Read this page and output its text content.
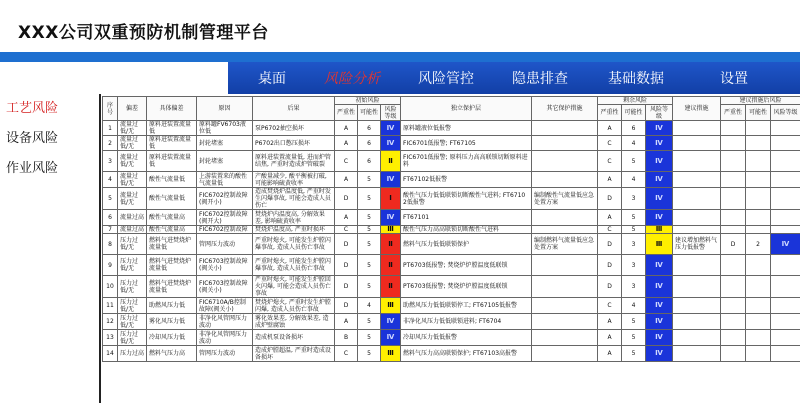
XXX公司双重预防机制管理平台
桌面	风险分析	风险管控	隐患排查	基础数据	设置
工艺风险
设备风险
作业风险
序号	偏差	具体偏差	原因	后果	初始风险			独立保护层	其它保护措施	剩余风险			建议措施	建议措施后风险		
					严重性	可能性	风险等级			严重性	可能性	风险等级		严重性	可能性	风险等级
1	流量过低/无	原料进装置流量低	原料罐FV6703液位低	泵P6702抽空损坏	A	6	Ⅳ	原料罐液位低报警		A	6	Ⅳ				
2	流量过低/无	原料进装置流量低	封轮堵塞	P6702出口憋压损坏	A	6	Ⅳ	FIC6701低报警; FT67105		C	4	Ⅳ				
3	流量过低/无	原料进装置流量低	封轮堵塞	原料进装置流量低, 进而炉管结焦, 严重时造成炉管破裂	C	6	Ⅱ	FIC6701低报警; 原料压力高高联锁切断原料进料		C	5	Ⅳ				
4	流量过低/无	酸性气流量低	上游装置来的酸性气流量低	产酸量减少, 酸平衡被打破, 可能影响硫黄收率	A	5	Ⅳ	FT67102低报警		A	4	Ⅳ				
5	流量过低/无	酸性气流量低	FIC6702控制故障(阀开小)	造成焚烧炉温度低, 严重时发生闪爆事故, 可能会造成人员伤亡	D	5	Ⅰ	酸性气压力低低联锁切断酸性气进料; FT67102低报警	编制酸性气流量低应急处置方案	D	3	Ⅳ				
6	流量过高	酸性气流量高	FIC6702控制故障(阀开大)	焚烧炉内温度高, 分解效果差, 影响硫黄收率	A	5	Ⅳ	FT67101		A	5	Ⅳ				
7	流量过高	酸性气流量高	FIC6702控制故障	焚烧炉温度高, 严重时损坏	C	5	Ⅲ	酸性气压力高高联锁切断酸性气进料		C	5	Ⅲ				
8	压力过低/无	燃料气进焚烧炉流量低	管网压力波动	严重时熄火, 可能发生炉膛闪爆事故, 造成人员伤亡事故	D	5	Ⅱ	燃料气压力低低联锁保护	编制燃料气流量低应急处置方案	D	3	Ⅲ	建议增加燃料气压力低报警	D	2	Ⅳ
9	压力过低/无	燃料气进焚烧炉流量低	FIC6703控制故障(阀关小)	严重时熄火, 可能发生炉膛闪爆事故, 造成人员伤亡事故	D	5	Ⅱ	PT6703低报警; 焚烧炉炉膛温度低联锁		D	3	Ⅳ				
10	压力过低/无	燃料气进焚烧炉流量低	FIC6703控制故障(阀关小)	严重时熄火, 可能发生炉膛回火闪爆, 可能会造成人员伤亡事故	D	5	Ⅱ	PT6703低报警; 焚烧炉炉膛温度低联锁		D	3	Ⅳ				
11	压力过低/无	助燃风压力低	FIC6710A/B控制故障(阀关小)	焚烧炉熄火, 严重时发生炉膛闪爆, 造成人员伤亡事故	D	4	Ⅲ	助燃风压力低低联锁停工; FT67105低报警		C	4	Ⅳ				
12	压力过低/无	雾化风压力低	非净化风管网压力波动	雾化效果差, 分解效果差, 造成炉壁腐蚀	A	5	Ⅳ	非净化风压力低低联锁进料; FT6704		A	5	Ⅳ				
13	压力过低/无	冷却风压力低	非净化风管网压力波动	造成机泵设备损坏	B	5	Ⅳ	冷却风压力低低报警		A	5	Ⅳ				
14	压力过高	燃料气压力高	管网压力波动	造成炉膛超温, 严重时造成设备损坏	C	5	Ⅲ	燃料气压力高高联锁保护; FT67103高报警		A	5	Ⅳ				
